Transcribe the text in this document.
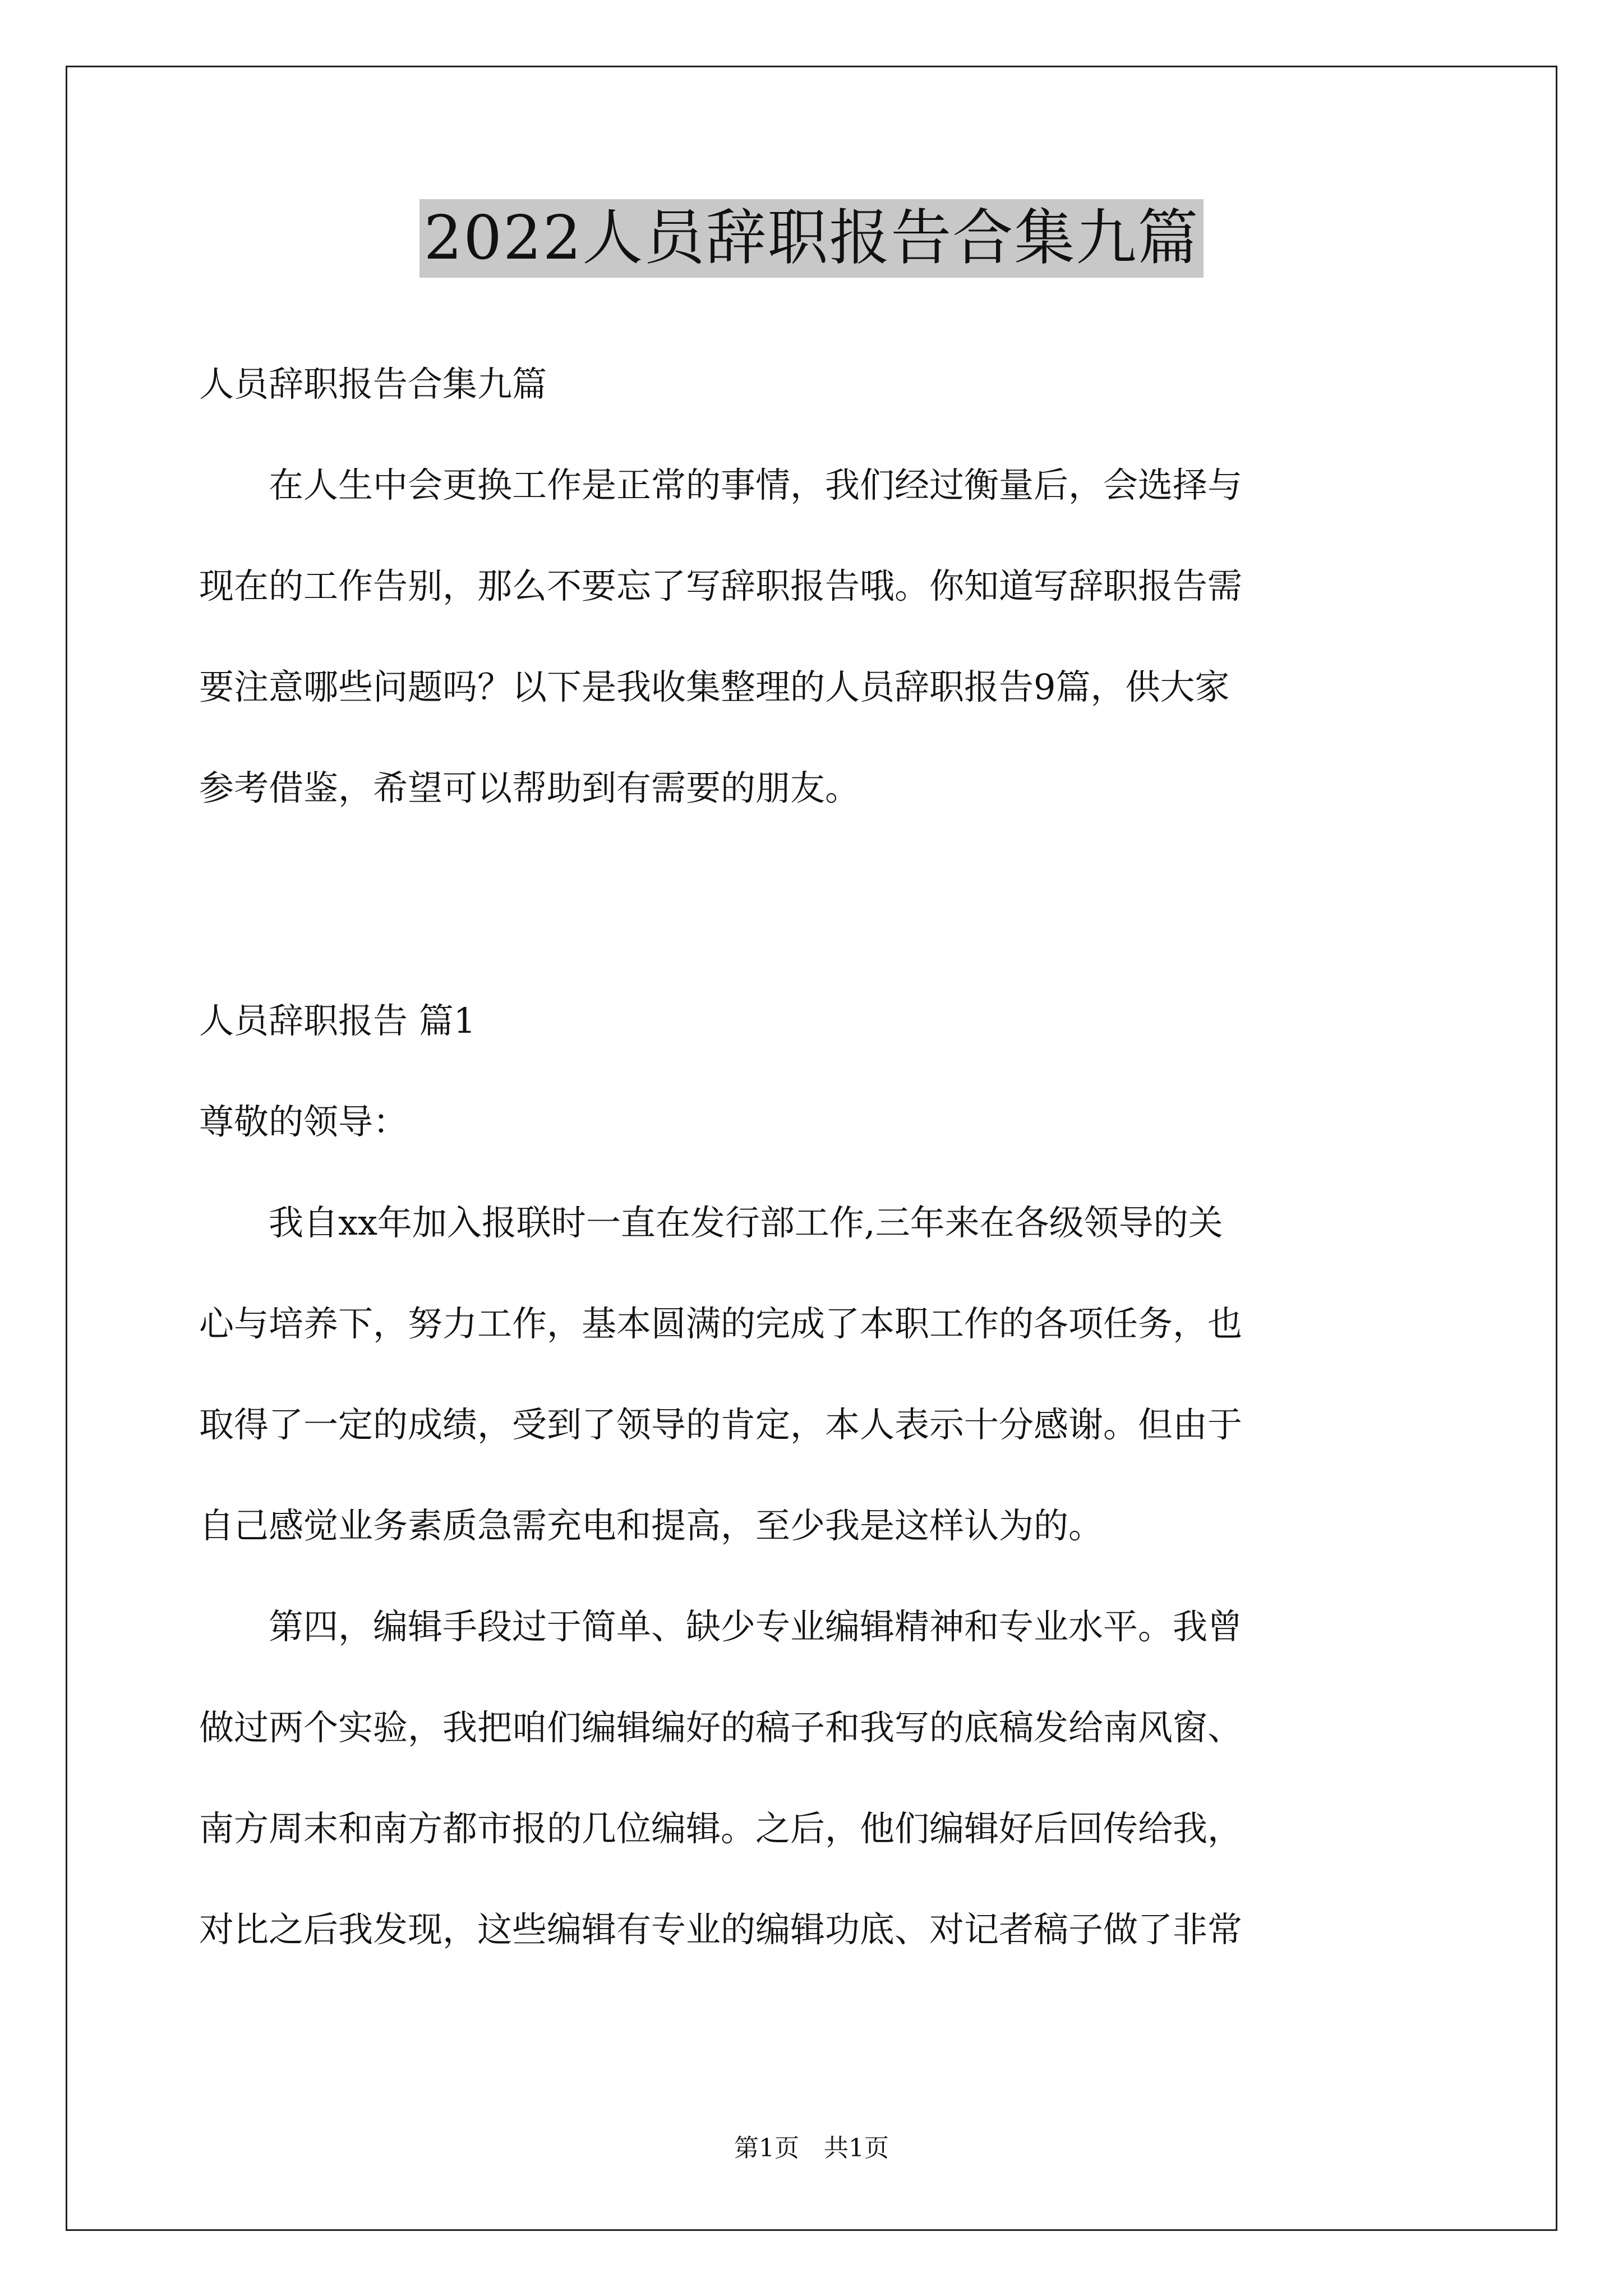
2022人员辞职报告合集九篇

人员辞职报告合集九篇

　　在人生中会更换工作是正常的事情，我们经过衡量后，会选择与

现在的工作告别，那么不要忘了写辞职报告哦。你知道写辞职报告需

要注意哪些问题吗？以下是我收集整理的人员辞职报告9篇，供大家

参考借鉴，希望可以帮助到有需要的朋友。

人员辞职报告 篇1

尊敬的领导：

　　我自xx年加入报联时一直在发行部工作,三年来在各级领导的关

心与培养下，努力工作，基本圆满的完成了本职工作的各项任务，也

取得了一定的成绩，受到了领导的肯定，本人表示十分感谢。但由于

自己感觉业务素质急需充电和提高，至少我是这样认为的。

　　第四，编辑手段过于简单、缺少专业编辑精神和专业水平。我曾

做过两个实验，我把咱们编辑编好的稿子和我写的底稿发给南风窗、

南方周末和南方都市报的几位编辑。之后，他们编辑好后回传给我，

对比之后我发现，这些编辑有专业的编辑功底、对记者稿子做了非常

第1页　共1页
